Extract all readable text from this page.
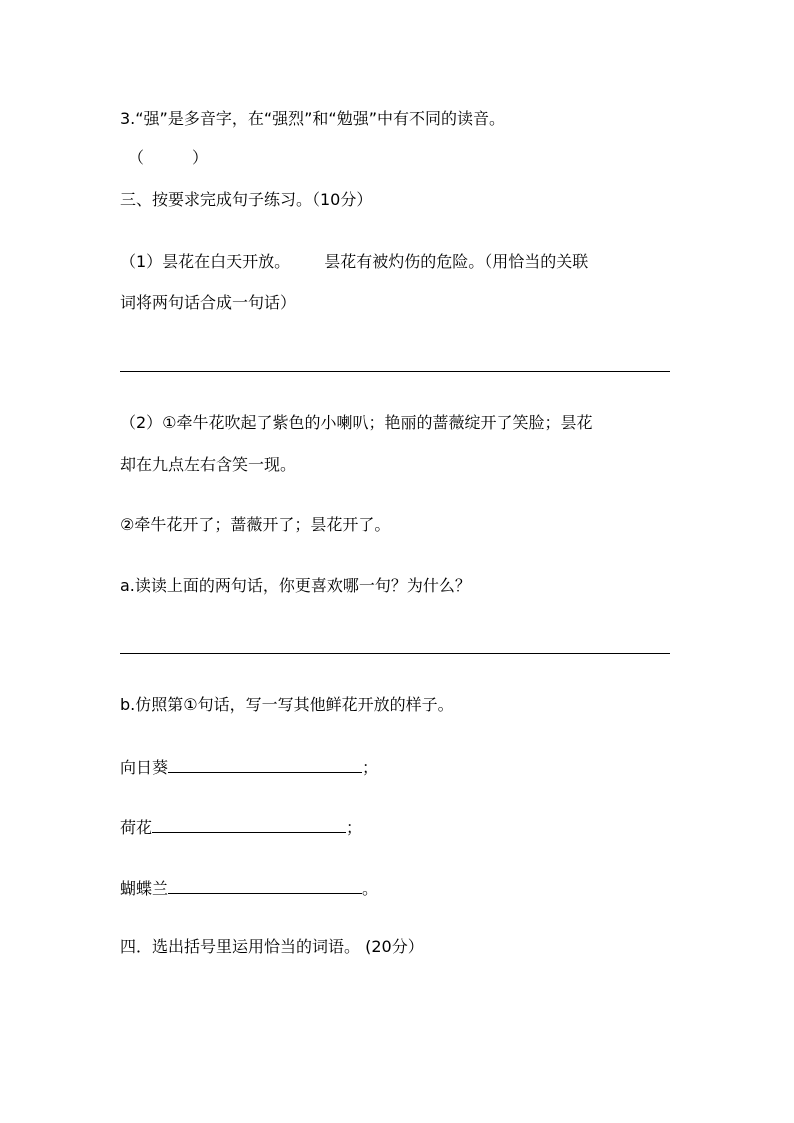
3.“强”是多音字，在“强烈”和“勉强”中有不同的读音。
（　　　）
三、按要求完成句子练习。（10分）
（1）昙花在白天开放。 昙花有被灼伤的危险。（用恰当的关联
词将两句话合成一句话）
（2）①牵牛花吹起了紫色的小喇叭；艳丽的蔷薇绽开了笑脸；昙花
却在九点左右含笑一现。
②牵牛花开了；蔷薇开了；昙花开了。
a.读读上面的两句话，你更喜欢哪一句？为什么？
b.仿照第①句话，写一写其他鲜花开放的样子。
向日葵	；
荷花	；
蝴蝶兰	。
四．选出括号里运用恰当的词语。 (20分）
